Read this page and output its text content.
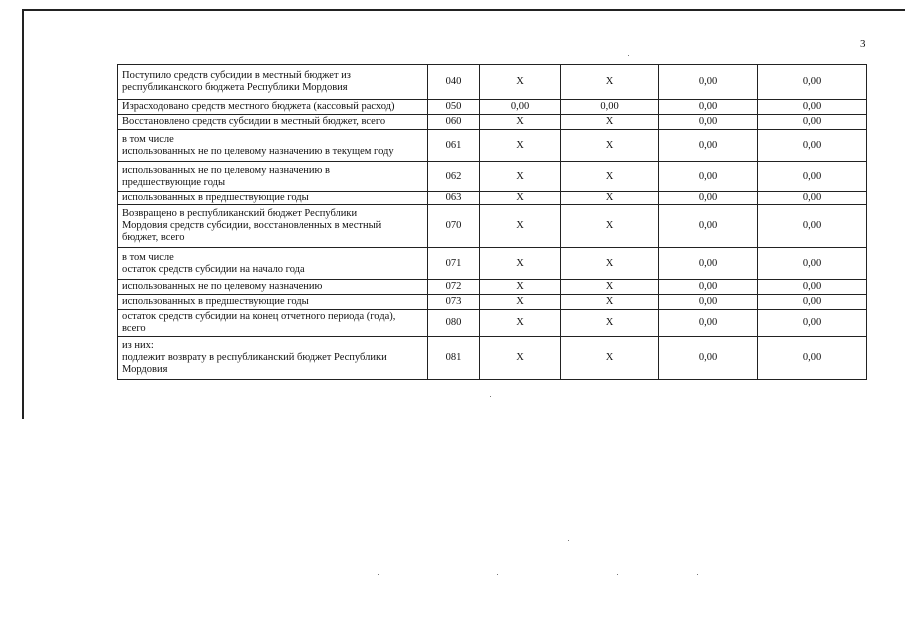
3
Поступило средств субсидии в местный бюджет из
республиканского бюджета Республики Мордовия	040	X	X	0,00	0,00

Израсходовано средств местного бюджета (кассовый расход)	050	0,00	0,00	0,00	0,00

Восстановлено средств субсидии в местный бюджет, всего	060	X	X	0,00	0,00

в том числе
использованных не по целевому назначению в текущем году	061	X	X	0,00	0,00

использованных не по целевому назначению в
предшествующие годы	062	X	X	0,00	0,00

использованных в предшествующие годы	063	X	X	0,00	0,00

Возвращено в республиканский бюджет Республики
Мордовия средств субсидии, восстановленных в местный
бюджет, всего	070	X	X	0,00	0,00

в том числе
остаток средств субсидии на начало года	071	X	X	0,00	0,00

использованных не по целевому назначению	072	X	X	0,00	0,00

использованных в предшествующие годы	073	X	X	0,00	0,00

остаток средств субсидии на конец отчетного периода (года),
всего	080	X	X	0,00	0,00

из них:
подлежит возврату в республиканский бюджет Республики
Мордовия	081	X	X	0,00	0,00
